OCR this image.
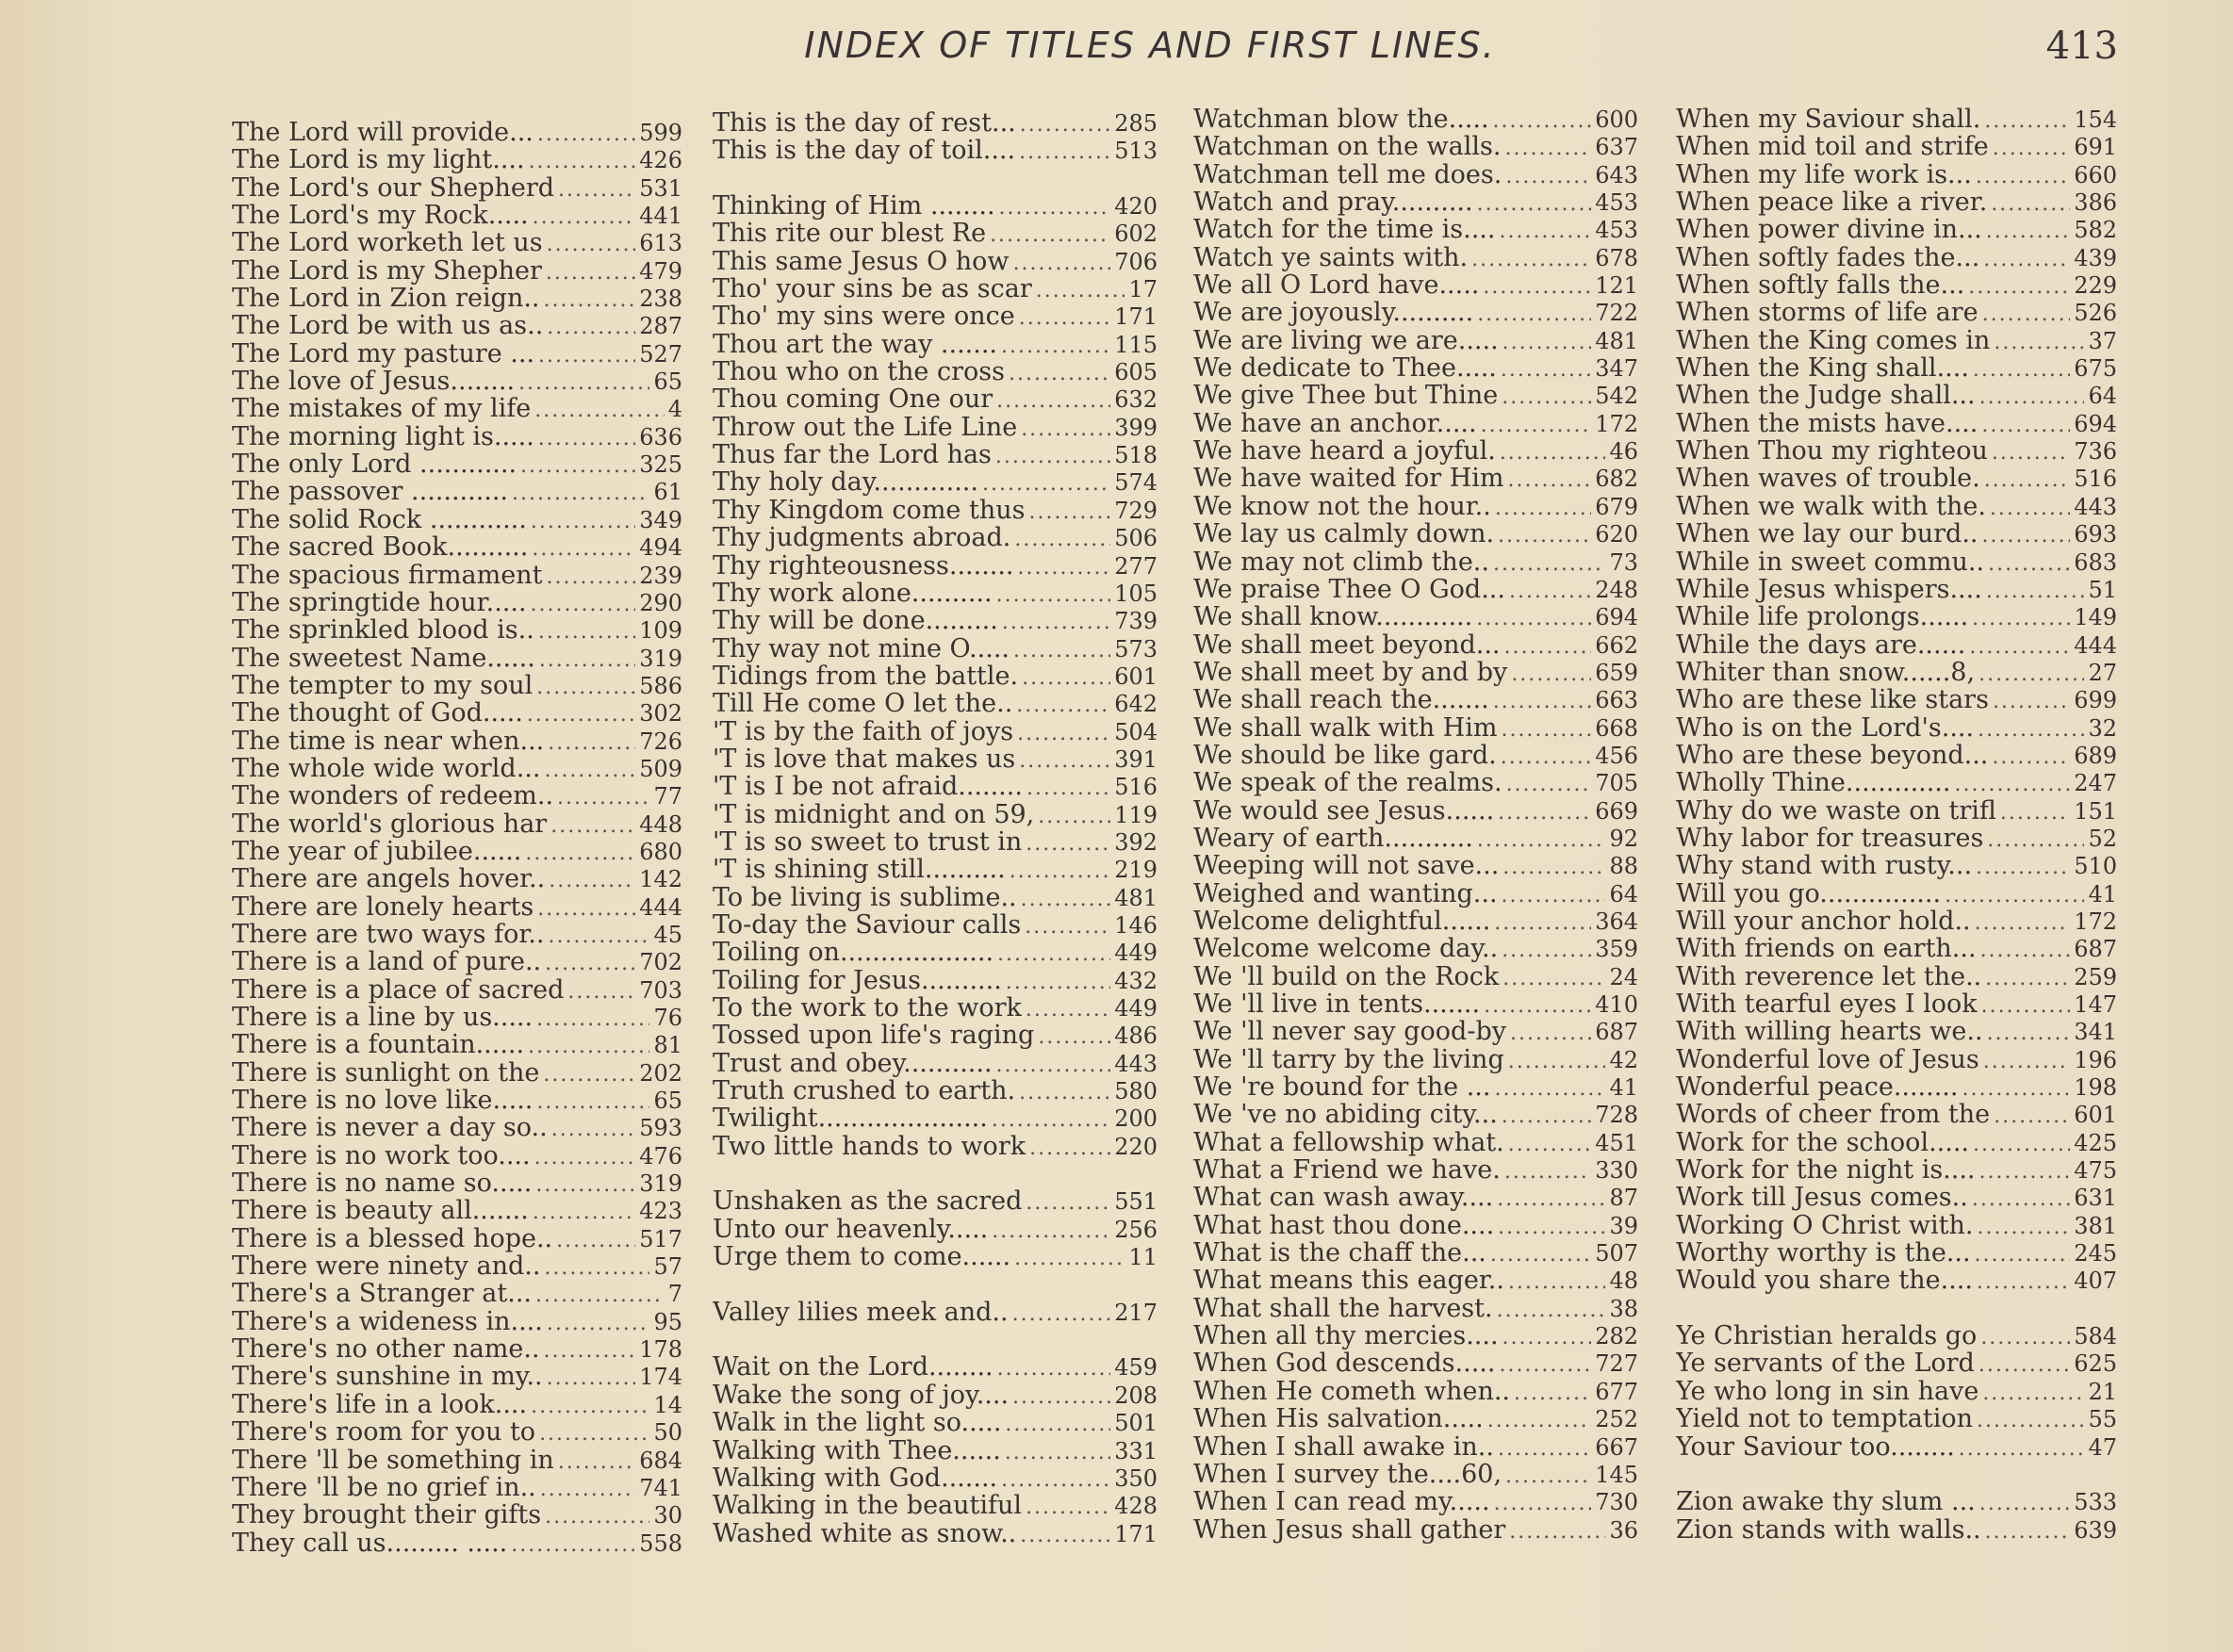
INDEX OF TITLES AND FIRST LINES.	413
The Lord will provide... .....	599
The Lord is my light.... .....	426
The Lord's our Shepherd .....	531
The Lord's my Rock..... .....	441
The Lord worketh let us .....	613
The Lord is my Shepher .....	479
The Lord in Zion reign.. .....	238
The Lord be with us as.. .....	287
The Lord my pasture ... .....	527
The love of Jesus........ .....	65
The mistakes of my life .....	4
The morning light is..... .....	636
The only Lord ............ .....	325
The passover ............ .....	61
The solid Rock ............ .....	349
The sacred Book.......... .....	494
The spacious firmament .....	239
The springtide hour..... .....	290
The sprinkled blood is.. .....	109
The sweetest Name...... .....	319
The tempter to my soul .....	586
The thought of God..... .....	302
The time is near when... .....	726
The whole wide world... .....	509
The wonders of redeem.. .....	77
The world's glorious har .....	448
The year of jubilee...... .....	680
There are angels hover.. .....	142
There are lonely hearts .....	444
There are two ways for.. .....	45
There is a land of pure.. .....	702
There is a place of sacred .....	703
There is a line by us..... .....	76
There is a fountain...... .....	81
There is sunlight on the .....	202
There is no love like..... .....	65
There is never a day so.. .....	593
There is no work too.... .....	476
There is no name so..... .....	319
There is beauty all....... .....	423
There is a blessed hope.. .....	517
There were ninety and.. .....	57
There's a Stranger at... .....	7
There's a wideness in.... .....	95
There's no other name.. .....	178
There's sunshine in my.. .....	174
There's life in a look.... .....	14
There's room for you to .....	50
There 'll be something in .....	684
There 'll be no grief in.. .....	741
They brought their gifts .....	30
They call us......... ..... .....	558
This is the day of rest... .....	285
This is the day of toil.... .....	513
Thinking of Him ........ .....	420
This rite our blest Re .....	602
This same Jesus O how .....	706
Tho' your sins be as scar .....	17
Tho' my sins were once .....	171
Thou art the way ....... .....	115
Thou who on the cross .....	605
Thou coming One our .....	632
Throw out the Life Line .....	399
Thus far the Lord has .....	518
Thy holy day............. .....	574
Thy Kingdom come thus .....	729
Thy judgments abroad. .....	506
Thy righteousness........ .....	277
Thy work alone.......... .....	105
Thy will be done......... .....	739
Thy way not mine O..... .....	573
Tidings from the battle. .....	601
Till He come O let the.. .....	642
'T is by the faith of joys .....	504
'T is love that makes us .....	391
'T is I be not afraid........ .....	516
'T is midnight and on 59, .....	119
'T is so sweet to trust in .....	392
'T is shining still.......... .....	219
To be living is sublime.. .....	481
To-day the Saviour calls .....	146
Toiling on................... .....	449
Toiling for Jesus.......... .....	432
To the work to the work .....	449
Tossed upon life's raging .....	486
Trust and obey........... .....	443
Truth crushed to earth. .....	580
Twilight..................... .....	200
Two little hands to work .....	220
Unshaken as the sacred .....	551
Unto our heavenly..... .....	256
Urge them to come...... .....	11
Valley lilies meek and.. .....	217
Wait on the Lord........ .....	459
Wake the song of joy.... .....	208
Walk in the light so..... .....	501
Walking with Thee...... .....	331
Walking with God....... .....	350
Walking in the beautiful .....	428
Washed white as snow.. .....	171
Watchman blow the..... .....	600
Watchman on the walls. .....	637
Watchman tell me does. .....	643
Watch and pray.......... .....	453
Watch for the time is.... .....	453
Watch ye saints with. .....	678
We all O Lord have..... .....	121
We are joyously.......... .....	722
We are living we are..... .....	481
We dedicate to Thee..... .....	347
We give Thee but Thine .....	542
We have an anchor..... .....	172
We have heard a joyful. .....	46
We have waited for Him .....	682
We know not the hour.. .....	679
We lay us calmly down. .....	620
We may not climb the.. .....	73
We praise Thee O God... .....	248
We shall know............ .....	694
We shall meet beyond... .....	662
We shall meet by and by .....	659
We shall reach the....... .....	663
We shall walk with Him .....	668
We should be like gard. .....	456
We speak of the realms. .....	705
We would see Jesus...... .....	669
Weary of earth........... .....	92
Weeping will not save... .....	88
Weighed and wanting... .....	64
Welcome delightful...... .....	364
Welcome welcome day.. .....	359
We 'll build on the Rock .....	24
We 'll live in tents....... .....	410
We 'll never say good-by .....	687
We 'll tarry by the living .....	42
We 're bound for the ... .....	41
We 've no abiding city... .....	728
What a fellowship what. .....	451
What a Friend we have. .....	330
What can wash away.... .....	87
What hast thou done.... .....	39
What is the chaff the... .....	507
What means this eager.. .....	48
What shall the harvest. .....	38
When all thy mercies.... .....	282
When God descends..... .....	727
When He cometh when.. .....	677
When His salvation..... .....	252
When I shall awake in.. .....	667
When I survey the....60, .....	145
When I can read my..... .....	730
When Jesus shall gather .....	36
When my Saviour shall. .....	154
When mid toil and strife .....	691
When my life work is... .....	660
When peace like a river. .....	386
When power divine in... .....	582
When softly fades the... .....	439
When softly falls the... .....	229
When storms of life are .....	526
When the King comes in .....	37
When the King shall.... .....	675
When the Judge shall... .....	64
When the mists have.... .....	694
When Thou my righteou .....	736
When waves of trouble. .....	516
When we walk with the. .....	443
When we lay our burd.. .....	693
While in sweet commu.. .....	683
While Jesus whispers.... .....	51
While life prolongs...... .....	149
While the days are...... .....	444
Whiter than snow......8, .....	27
Who are these like stars .....	699
Who is on the Lord's.... .....	32
Who are these beyond... .....	689
Wholly Thine............. .....	247
Why do we waste on trifl .....	151
Why labor for treasures .....	52
Why stand with rusty... .....	510
Will you go............... .....	41
Will your anchor hold.. .....	172
With friends on earth... .....	687
With reverence let the.. .....	259
With tearful eyes I look .....	147
With willing hearts we.. .....	341
Wonderful love of Jesus .....	196
Wonderful peace........ .....	198
Words of cheer from the .....	601
Work for the school..... .....	425
Work for the night is.... .....	475
Work till Jesus comes.. .....	631
Working O Christ with. .....	381
Worthy worthy is the... .....	245
Would you share the.... .....	407
Ye Christian heralds go .....	584
Ye servants of the Lord .....	625
Ye who long in sin have .....	21
Yield not to temptation .....	55
Your Saviour too........ .....	47
Zion awake thy slum ... .....	533
Zion stands with walls.. .....	639
